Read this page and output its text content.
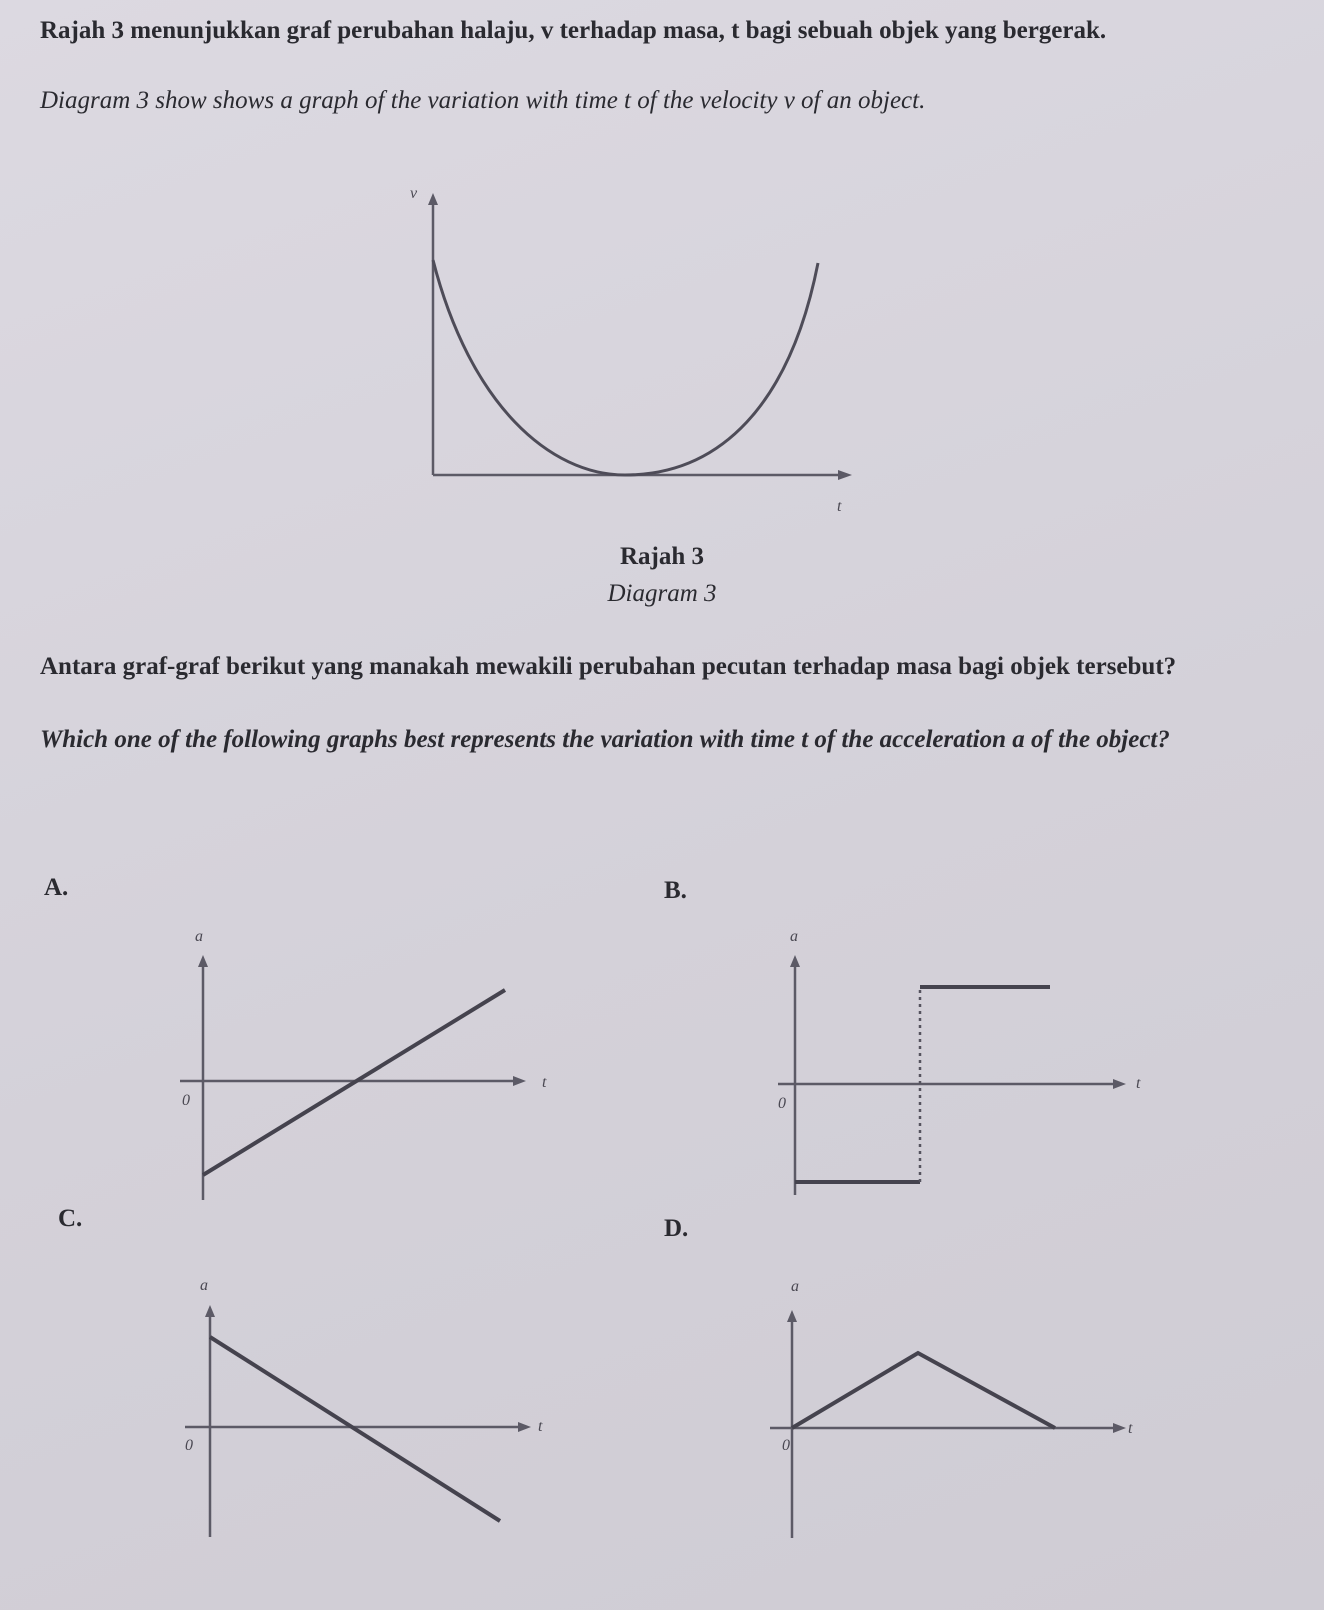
Rajah 3 menunjukkan graf perubahan halaju, v terhadap masa, t bagi sebuah objek yang bergerak.
Diagram 3 show shows a graph of the variation with time t of the velocity v of an object.
v
t
Rajah 3
Diagram 3
Antara graf-graf berikut yang manakah mewakili perubahan pecutan terhadap masa bagi objek tersebut?
Which one of the following graphs best represents the variation with time t of the acceleration a of the object?
A.
a
t
0
B.
a
t
0
C.
a
t
0
D.
a
t
0
